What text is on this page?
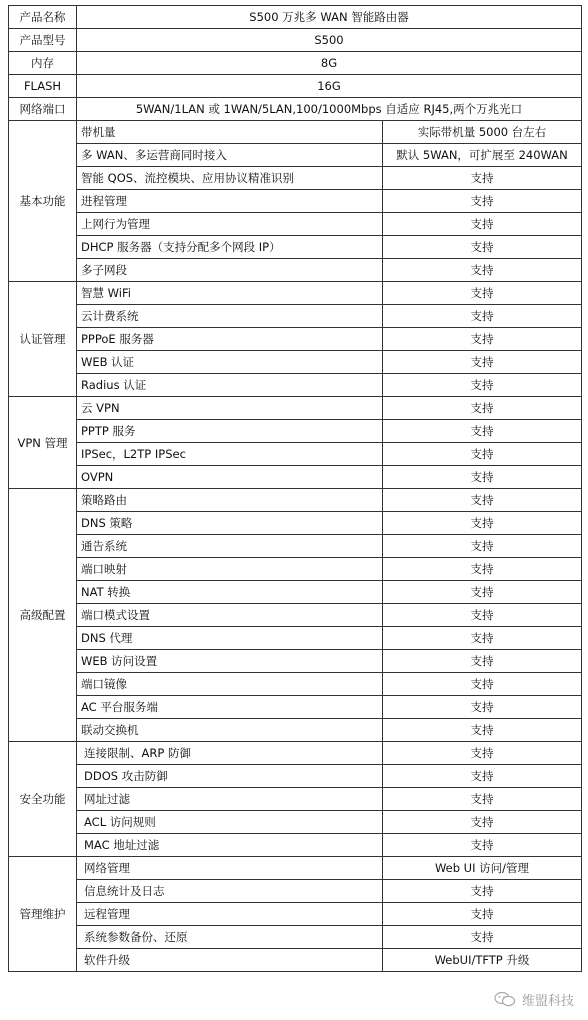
产品名称	S500 万兆多 WAN 智能路由器	
产品型号	S500	
内存	8G	
FLASH	16G	
网络端口	5WAN/1LAN 或 1WAN/5LAN,100/1000Mbps 自适应 RJ45,两个万兆光口	
基本功能	带机量	实际带机量 5000 台左右
	多 WAN、多运营商同时接入	默认 5WAN，可扩展至 240WAN
	智能 QOS、流控模块、应用协议精准识别	支持
	进程管理	支持
	上网行为管理	支持
	DHCP 服务器（支持分配多个网段 IP）	支持
	多子网段	支持
认证管理	智慧 WiFi	支持
	云计费系统	支持
	PPPoE 服务器	支持
	WEB 认证	支持
	Radius 认证	支持
VPN 管理	云 VPN	支持
	PPTP 服务	支持
	IPSec，L2TP IPSec	支持
	OVPN	支持
高级配置	策略路由	支持
	DNS 策略	支持
	通告系统	支持
	端口映射	支持
	NAT 转换	支持
	端口模式设置	支持
	DNS 代理	支持
	WEB 访问设置	支持
	端口镜像	支持
	AC 平台服务端	支持
	联动交换机	支持
安全功能	连接限制、ARP 防御	支持
	DDOS 攻击防御	支持
	网址过滤	支持
	ACL 访问规则	支持
	MAC 地址过滤	支持
管理维护	网络管理	Web UI 访问/管理
	信息统计及日志	支持
	远程管理	支持
	系统参数备份、还原	支持
	软件升级	WebUI/TFTP 升级
维盟科技
